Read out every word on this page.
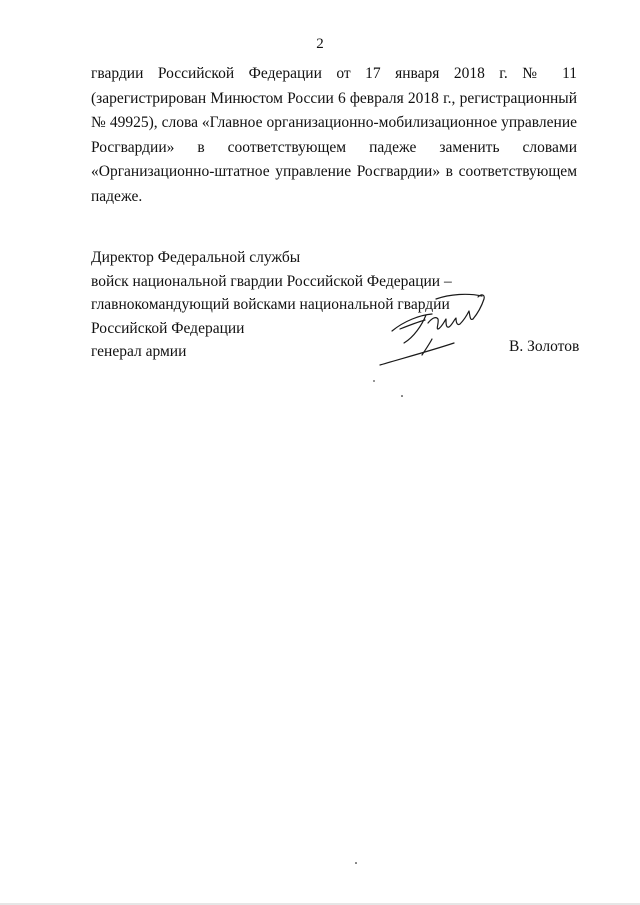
2

гвардии Российской Федерации от 17 января 2018 г. № 11 (зарегистрирован Минюстом России 6 февраля 2018 г., регистрационный № 49925), слова «Главное организационно-мобилизационное управление Росгвардии» в соответствующем падеже заменить словами «Организационно-штатное управление Росгвардии» в соответствующем падеже.

Директор Федеральной службы
войск национальной гвардии Российской Федерации –
главнокомандующий войсками национальной гвардии
Российской Федерации
генерал армии	В. Золотов
